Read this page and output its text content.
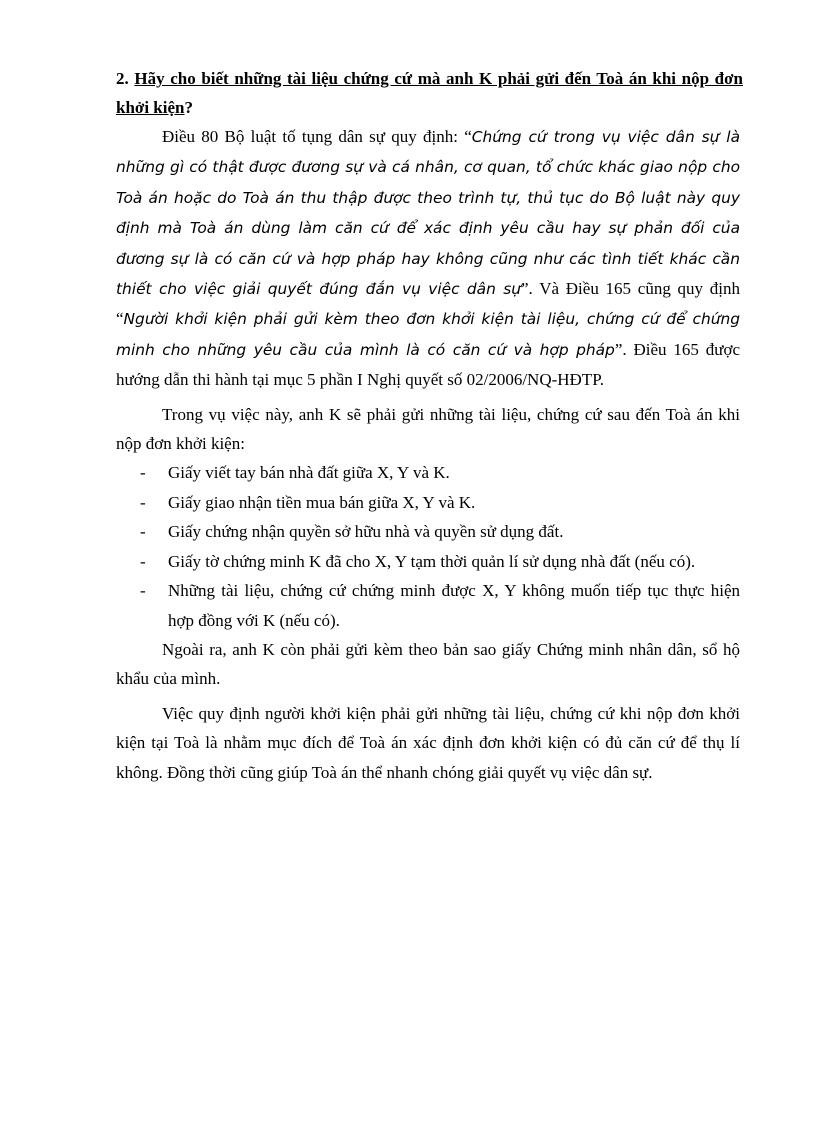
2. Hãy cho biết những tài liệu chứng cứ mà anh K phải gửi đến Toà án khi nộp đơn khởi kiện?

Điều 80 Bộ luật tố tụng dân sự quy định: “Chứng cứ trong vụ việc dân sự là những gì có thật được đương sự và cá nhân, cơ quan, tổ chức khác giao nộp cho Toà án hoặc do Toà án thu thập được theo trình tự, thủ tục do Bộ luật này quy định mà Toà án dùng làm căn cứ để xác định yêu cầu hay sự phản đối của đương sự là có căn cứ và hợp pháp hay không cũng như các tình tiết khác cần thiết cho việc giải quyết đúng đắn vụ việc dân sự”. Và Điều 165 cũng quy định “Người khởi kiện phải gửi kèm theo đơn khởi kiện tài liệu, chứng cứ để chứng minh cho những yêu cầu của mình là có căn cứ và hợp pháp”. Điều 165 được hướng dẫn thi hành tại mục 5 phần I Nghị quyết số 02/2006/NQ-HĐTP.

Trong vụ việc này, anh K sẽ phải gửi những tài liệu, chứng cứ sau đến Toà án khi nộp đơn khởi kiện:

- Giấy viết tay bán nhà đất giữa X, Y và K.
- Giấy giao nhận tiền mua bán giữa X, Y và K.
- Giấy chứng nhận quyền sở hữu nhà và quyền sử dụng đất.
- Giấy tờ chứng minh K đã cho X, Y tạm thời quản lí sử dụng nhà đất (nếu có).
- Những tài liệu, chứng cứ chứng minh được X, Y không muốn tiếp tục thực hiện hợp đồng với K (nếu có).

Ngoài ra, anh K còn phải gửi kèm theo bản sao giấy Chứng minh nhân dân, sổ hộ khẩu của mình.

Việc quy định người khởi kiện phải gửi những tài liệu, chứng cứ khi nộp đơn khởi kiện tại Toà là nhằm mục đích để Toà án xác định đơn khởi kiện có đủ căn cứ để thụ lí không. Đồng thời cũng giúp Toà án thể nhanh chóng giải quyết vụ việc dân sự.
